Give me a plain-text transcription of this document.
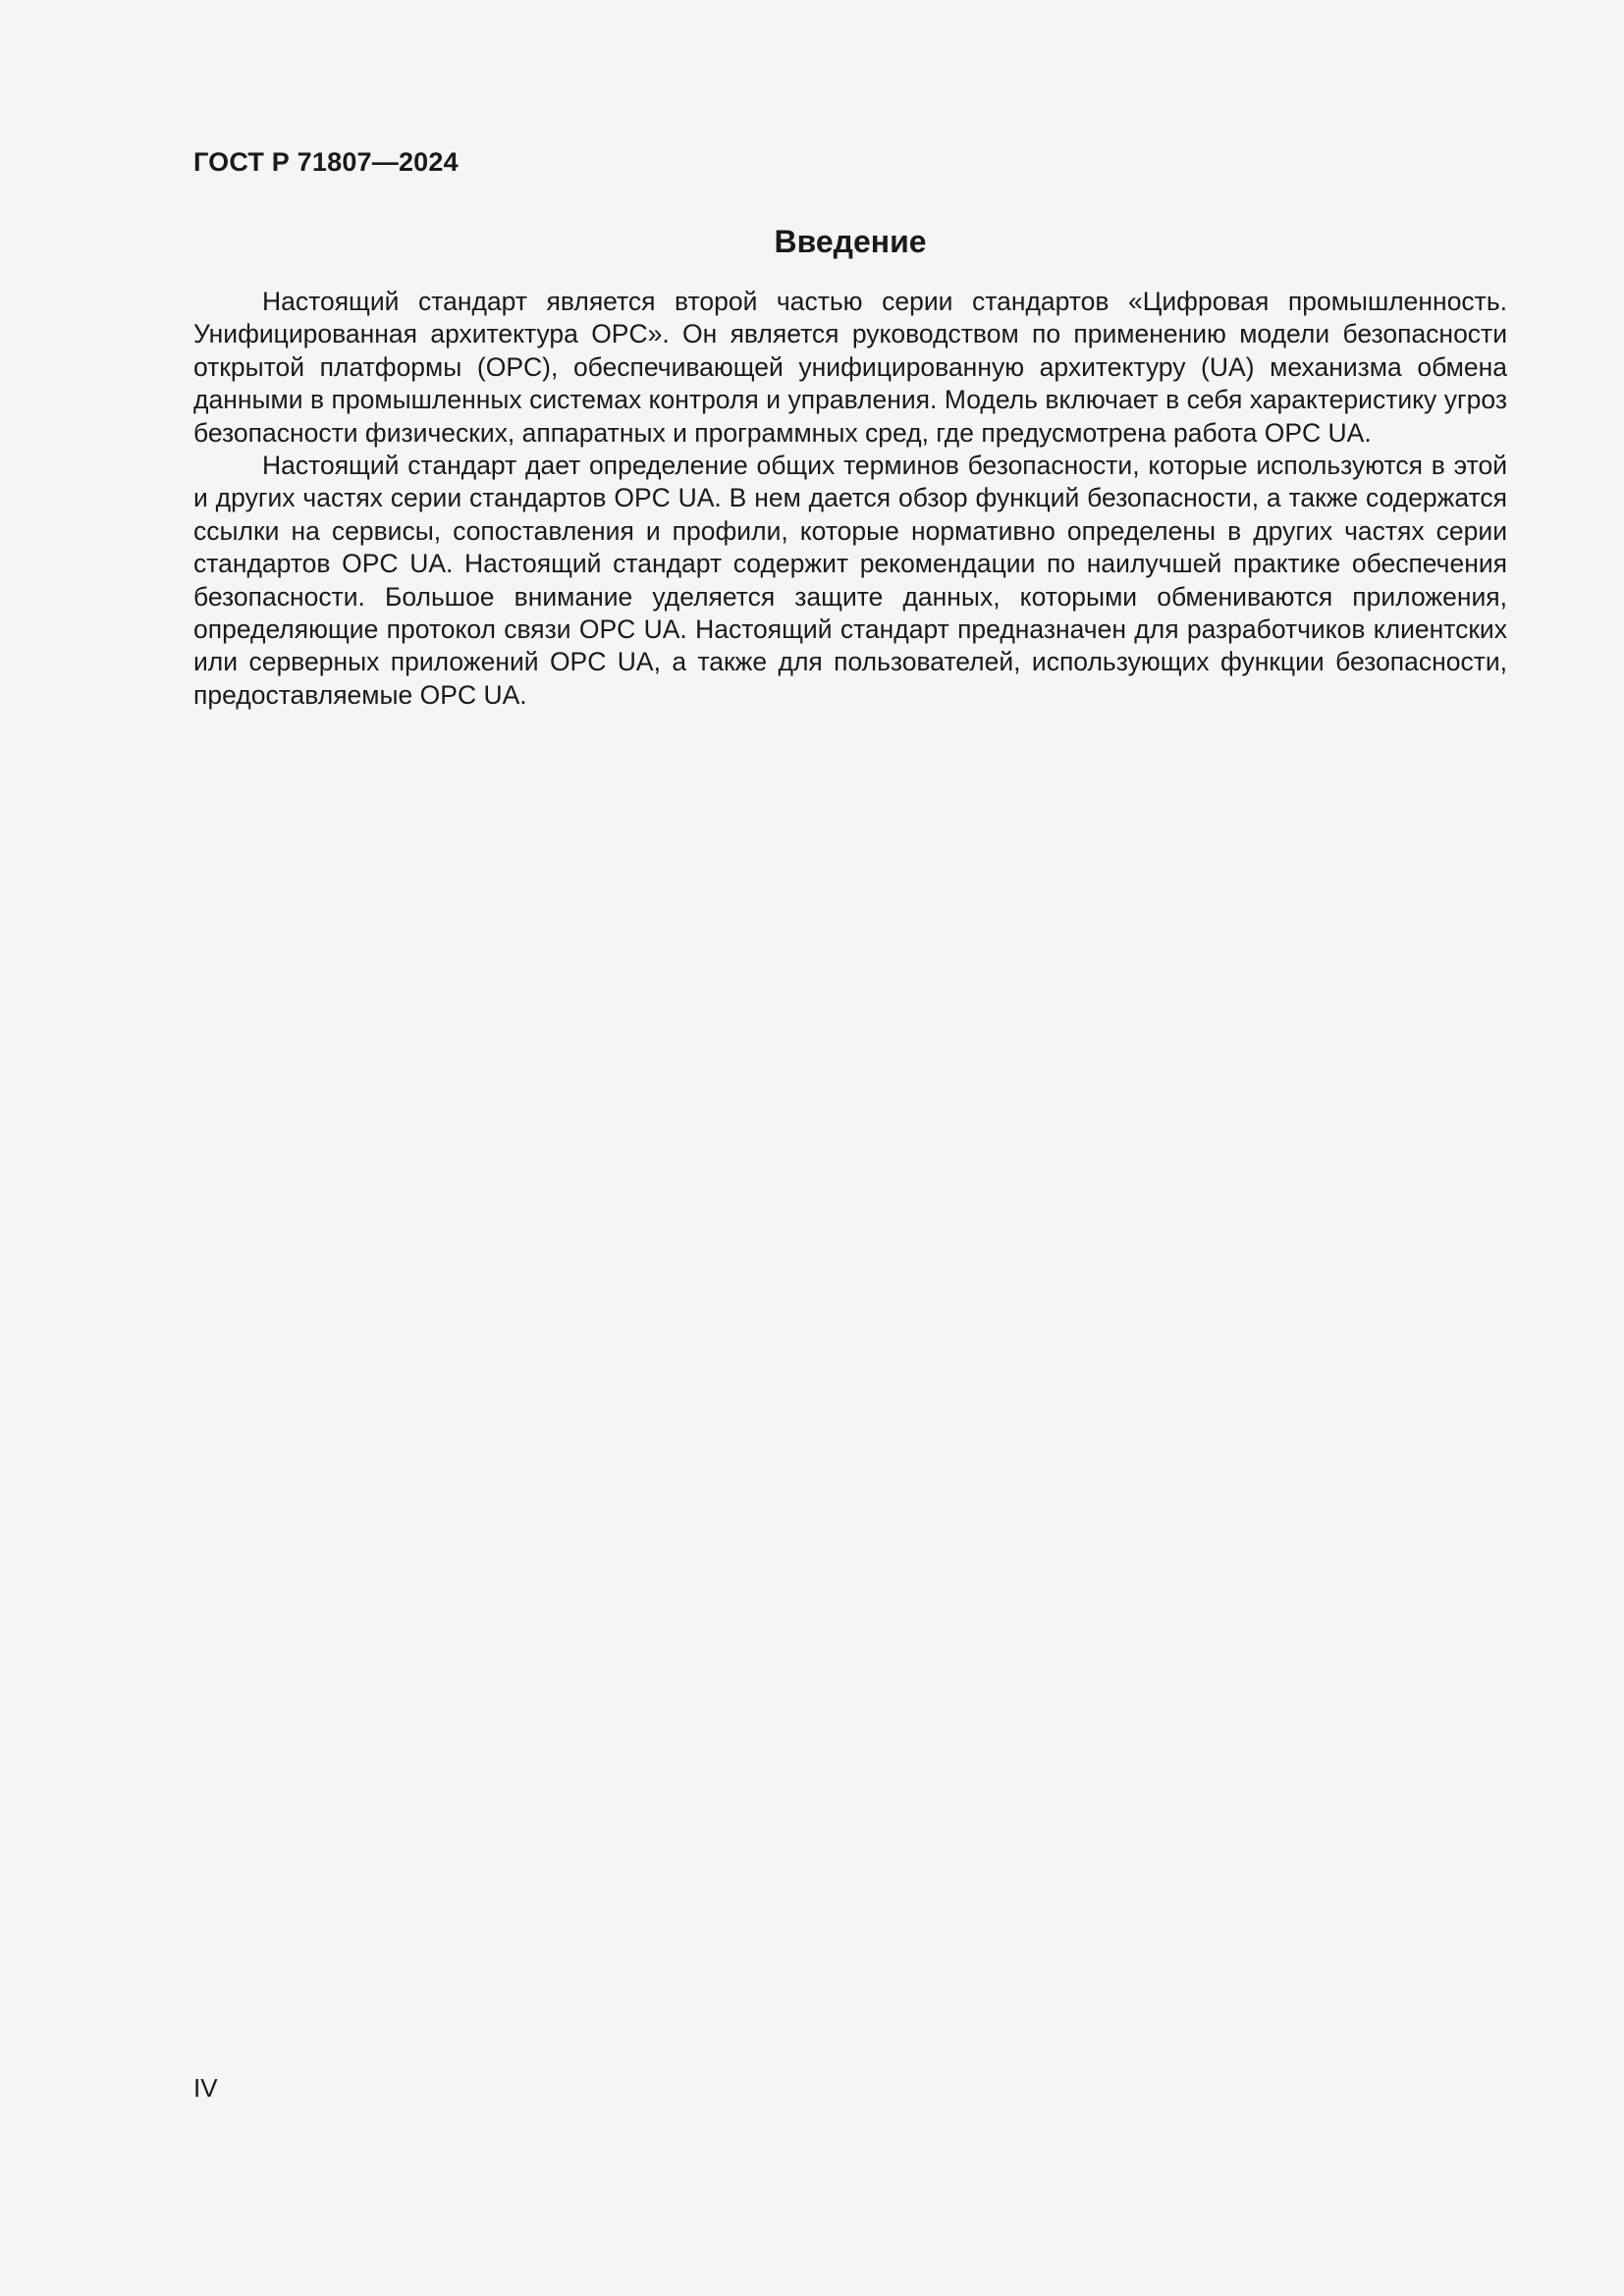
ГОСТ Р 71807—2024
Введение

Настоящий стандарт является второй частью серии стандартов «Цифровая промышленность. Унифицированная архитектура OPC». Он является руководством по применению модели безопасности открытой платформы (OPC), обеспечивающей унифицированную архитектуру (UA) механизма обмена данными в промышленных системах контроля и управления. Модель включает в себя характеристику угроз безопасности физических, аппаратных и программных сред, где предусмотрена работа OPC UA.

Настоящий стандарт дает определение общих терминов безопасности, которые используются в этой и других частях серии стандартов OPC UA. В нем дается обзор функций безопасности, а также содержатся ссылки на сервисы, сопоставления и профили, которые нормативно определены в других частях серии стандартов OPC UA. Настоящий стандарт содержит рекомендации по наилучшей практике обеспечения безопасности. Большое внимание уделяется защите данных, которыми обмениваются приложения, определяющие протокол связи OPC UA. Настоящий стандарт предназначен для разработчиков клиентских или серверных приложений OPC UA, а также для пользователей, использующих функции безопасности, предоставляемые OPC UA.

IV
